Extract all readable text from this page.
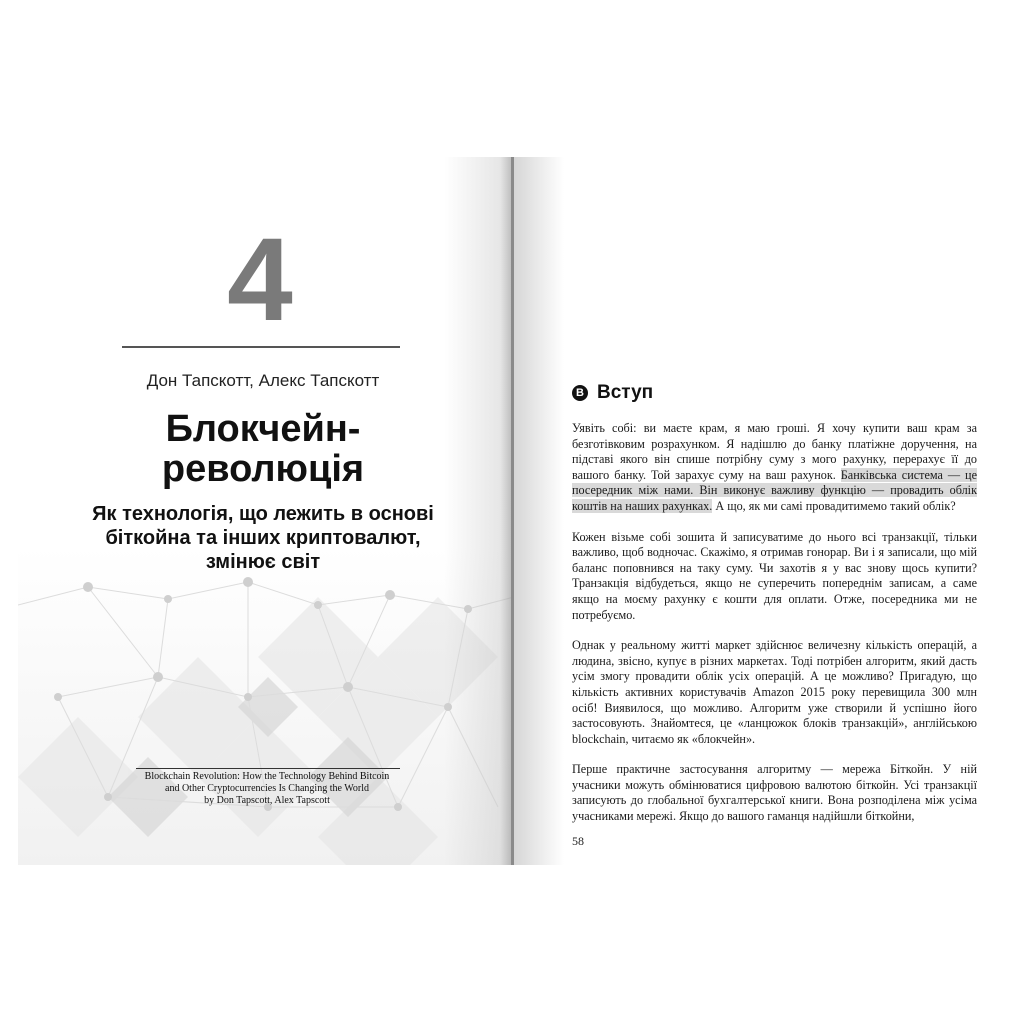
4
Дон Тапскотт, Алекс Тапскотт
Блокчейн-
революція
Як технологія, що лежить в основі
біткойна та інших криптовалют,
змінює світ
Blockchain Revolution: How the Technology Behind Bitcoin
and Other Cryptocurrencies Is Changing the World
by Don Tapscott, Alex Tapscott
B Вступ

Уявіть собі: ви маєте крам, я маю гроші. Я хочу купити ваш крам за безготівковим розрахунком. Я надішлю до банку платіжне доручення, на підставі якого він спише потрібну суму з мого рахунку, перерахує її до вашого банку. Той зарахує суму на ваш рахунок. Банківська система — це посередник між нами. Він виконує важливу функцію — провадить облік коштів на наших рахунках. А що, як ми самі провадитимемо такий облік?

Кожен візьме собі зошита й записуватиме до нього всі транзакції, тільки важливо, щоб водночас. Скажімо, я отримав гонорар. Ви і я записали, що мій баланс поповнився на таку суму. Чи захотів я у вас знову щось купити? Транзакція відбудеться, якщо не суперечить попереднім записам, а саме якщо на моєму рахунку є кошти для оплати. Отже, посередника ми не потребуємо.

Однак у реальному житті маркет здійснює величезну кількість операцій, а людина, звісно, купує в різних маркетах. Тоді потрібен алгоритм, який дасть усім змогу провадити облік усіх операцій. А це можливо? Пригадую, що кількість активних користувачів Amazon 2015 року перевищила 300 млн осіб! Виявилося, що можливо. Алгоритм уже створили й успішно його застосовують. Знайомтеся, це «ланцюжок блоків транзакцій», англійською blockchain, читаємо як «блокчейн».

Перше практичне застосування алгоритму — мережа Біткойн. У ній учасники можуть обмінюватися цифровою валютою біткойн. Усі транзакції записують до глобальної бухгалтерської книги. Вона розподілена між усіма учасниками мережі. Якщо до вашого гаманця надійшли біткойни,

58
